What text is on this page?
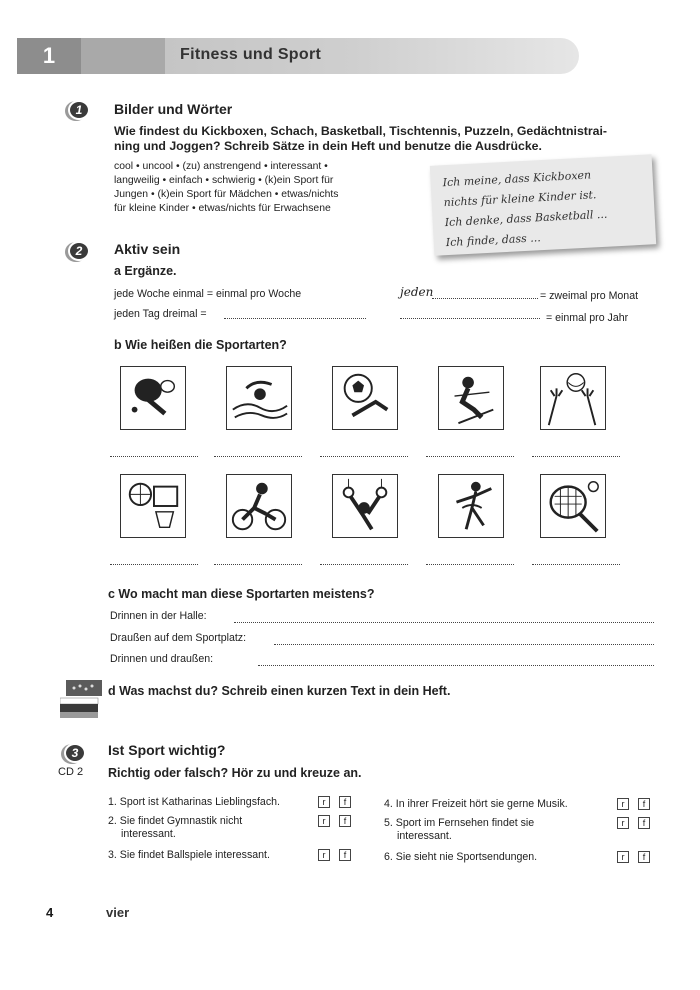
1	Fitness und Sport
1	Bilder und Wörter
Wie findest du Kickboxen, Schach, Basketball, Tischtennis, Puzzeln, Gedächtnistrai-
ning und Joggen? Schreib Sätze in dein Heft und benutze die Ausdrücke.
cool • uncool • (zu) anstrengend • interessant •
langweilig • einfach • schwierig • (k)ein Sport für
Jungen • (k)ein Sport für Mädchen • etwas/nichts
für kleine Kinder • etwas/nichts für Erwachsene
Ich meine, dass Kickboxen
nichts für kleine Kinder ist.
Ich denke, dass Basketball ...
Ich finde, dass ...
2	Aktiv sein
a Ergänze.
jede Woche einmal = einmal pro Woche	jeden	= zweimal pro Monat
jeden Tag dreimal =	= einmal pro Jahr
b Wie heißen die Sportarten?
c Wo macht man diese Sportarten meistens?
Drinnen in der Halle:
Draußen auf dem Sportplatz:
Drinnen und draußen:
d Was machst du? Schreib einen kurzen Text in dein Heft.
3
CD 2
Ist Sport wichtig?
Richtig oder falsch? Hör zu und kreuze an.
1. Sport ist Katharinas Lieblingsfach.	r	f
2. Sie findet Gymnastik nicht
interessant.
r	f
3. Sie findet Ballspiele interessant.	r	f
4. In ihrer Freizeit hört sie gerne Musik.	r	f
5. Sport im Fernsehen findet sie
interessant.
r	f
6. Sie sieht nie Sportsendungen.	r	f
4	vier
